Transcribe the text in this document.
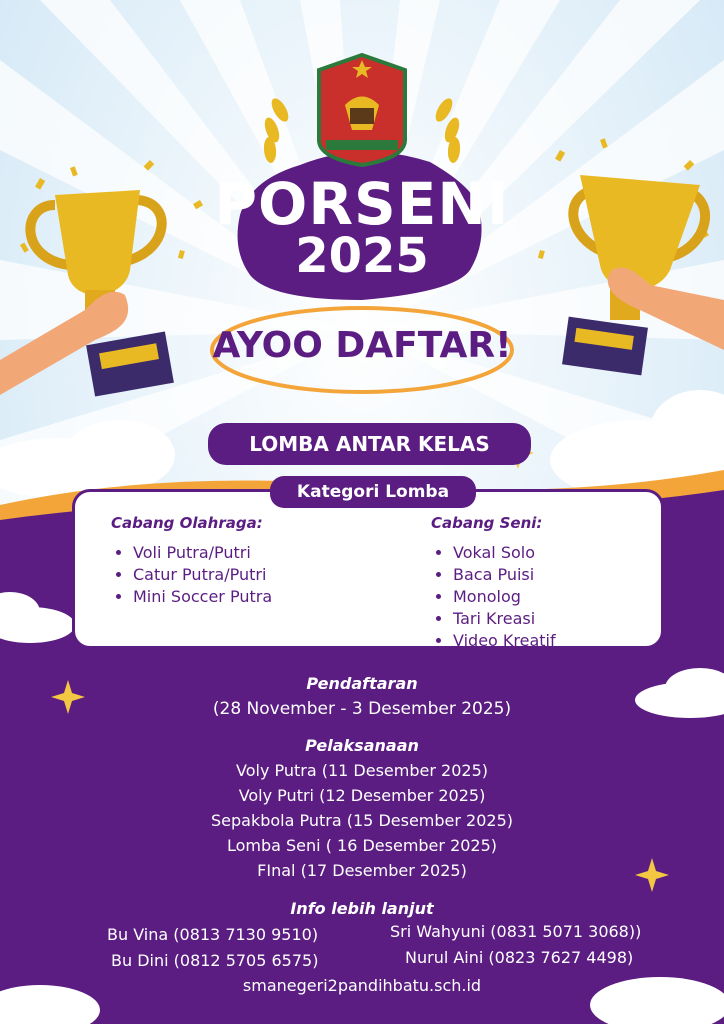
PORSENI
2025
AYOO DAFTAR!
LOMBA ANTAR KELAS
Cabang Olahraga:
• Voli Putra/Putri
• Catur Putra/Putri
• Mini Soccer Putra
Cabang Seni:
• Vokal Solo
• Baca Puisi
• Monolog
• Tari Kreasi
• Video Kreatif
Kategori Lomba
Pendaftaran
(28 November - 3 Desember 2025)
Pelaksanaan
Voly Putra (11 Desember 2025)
Voly Putri (12 Desember 2025)
Sepakbola Putra (15 Desember 2025)
Lomba Seni ( 16 Desember 2025)
FInal (17 Desember 2025)
Info lebih lanjut
Bu Vina (0813 7130 9510)
Bu Dini (0812 5705 6575)
Sri Wahyuni (0831 5071 3068))
Nurul Aini (0823 7627 4498)
smanegeri2pandihbatu.sch.id
